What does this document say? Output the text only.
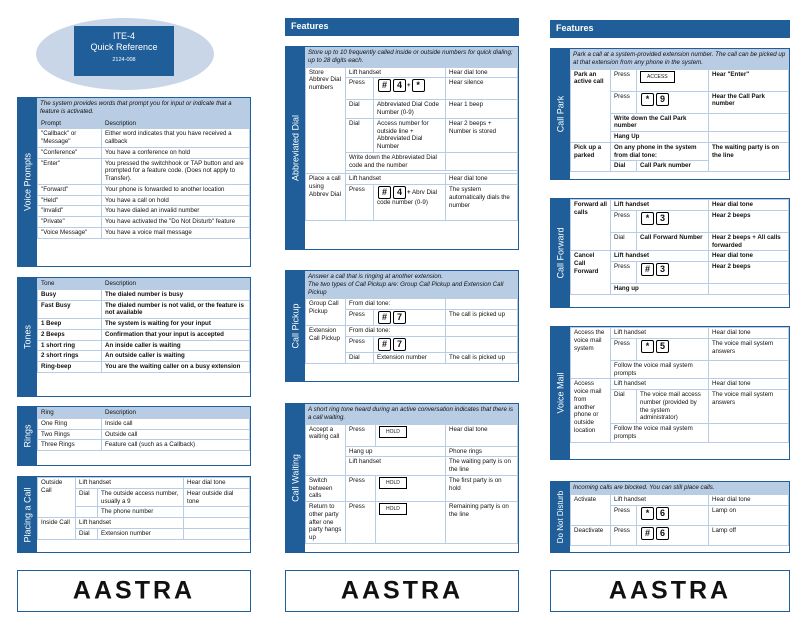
ITE-4
Quick Reference
2124-008
Voice Prompts
The system provides words that prompt you for input or indicate that a feature is activated.
Prompt	Description
"Callback" or "Message"	Either word indicates that you have received a callback
"Conference"	You have a conference on hold
"Enter"	You pressed the switchhook or TAP button and are prompted for a feature code. (Does not apply to Transfer).
"Forward"	Your phone is forwarded to another location
"Held"	You have a call on hold
"Invalid"	You have dialed an invalid number
"Private"	You have activated the "Do Not Disturb" feature
"Voice Message"	You have a voice mail message
Tones
Tone	Description
Busy	The dialed number is busy
Fast Busy	The dialed number is not valid, or the feature is not available
1 Beep	The system is waiting for your input
2 Beeps	Confirmation that your input is accepted
1 short ring	An inside caller is waiting
2 short rings	An outside caller is waiting
Ring-beep	You are the waiting caller on a busy extension
Rings
Ring	Description
One Ring	Inside call
Two Rings	Outside call
Three Rings	Feature call (such as a Callback)
Placing a Call
Outside Call	Lift handset		Hear dial tone
	Dial	The outside access number, usually a 9	Hear outside dial tone
		The phone number	
Inside Call	Lift handset		
	Dial	Extension number	
AASTRA
Features
Abbreviated Dial
Store up to 10 frequently called inside or outside numbers for quick dialing; up to 28 digits each.
Store Abbrev Dial numbers	Lift handset		Hear dial tone
	Press	# 4 + *	Hear silence
	Dial	Abbreviated Dial Code Number (0-9)	Hear 1 beep
	Dial	Access number for outside line + Abbreviated Dial Number	Hear 2 beeps + Number is stored
	Write down the Abbreviated Dial code and the number		

Place a call using Abbrev Dial	Lift handset		Hear dial tone
	Press	# 4 + Abrv Dial code number (0-9)	The system automatically dials the number
Call Pickup
Answer a call that is ringing at another extension.
The two types of Call Pickup are: Group Call Pickup and Extension Call Pickup
Group Call Pickup	From dial tone:		
	Press	# 7	The call is picked up
Extension Call Pickup	From dial tone:		
	Press	# 7	
	Dial	Extension number	The call is picked up
Call Waiting
A short ring tone heard during an active conversation indicates that there is a call waiting.
Accept a waiting call	Press	HOLD	Hear dial tone
	Hang up		Phone rings
	Lift handset		The waiting party is on the line
Switch between calls	Press	HOLD	The first party is on hold
Return to other party after one party hangs up	Press	HOLD	Remaining party is on the line
AASTRA
Features
Call Park
Park a call at a system-provided extension number. The call can be picked up at that extension from any phone in the system.
Park an active call	Press	ACCESS	Hear "Enter"
	Press	* 9	Hear the Call Park number
	Write down the Call Park number		
	Hang Up		
Pick up a parked	On any phone in the system from dial tone:		The waiting party is on the line
	Dial	Call Park number	
Call Forward
Forward all calls	Lift handset		Hear dial tone
	Press	* 3	Hear 2 beeps
	Dial	Call Forward Number	Hear 2 beeps + All calls forwarded
Cancel Call Forward	Lift handset		Hear dial tone
	Press	# 3	Hear 2 beeps
	Hang up		
Voice Mail
Access the voice mail system	Lift handset		Hear dial tone
	Press	* 5	The voice mail system answers
	Follow the voice mail system prompts		
Access voice mail from another phone or outside location	Lift handset		Hear dial tone
	Dial	The voice mail access number (provided by the system administrator)	The voice mail system answers
	Follow the voice mail system prompts		
Do Not Disturb
Incoming calls are blocked. You can still place calls.
Activate	Lift handset		Hear dial tone
	Press	* 6	Lamp on
Deactivate	Press	# 6	Lamp off
AASTRA
